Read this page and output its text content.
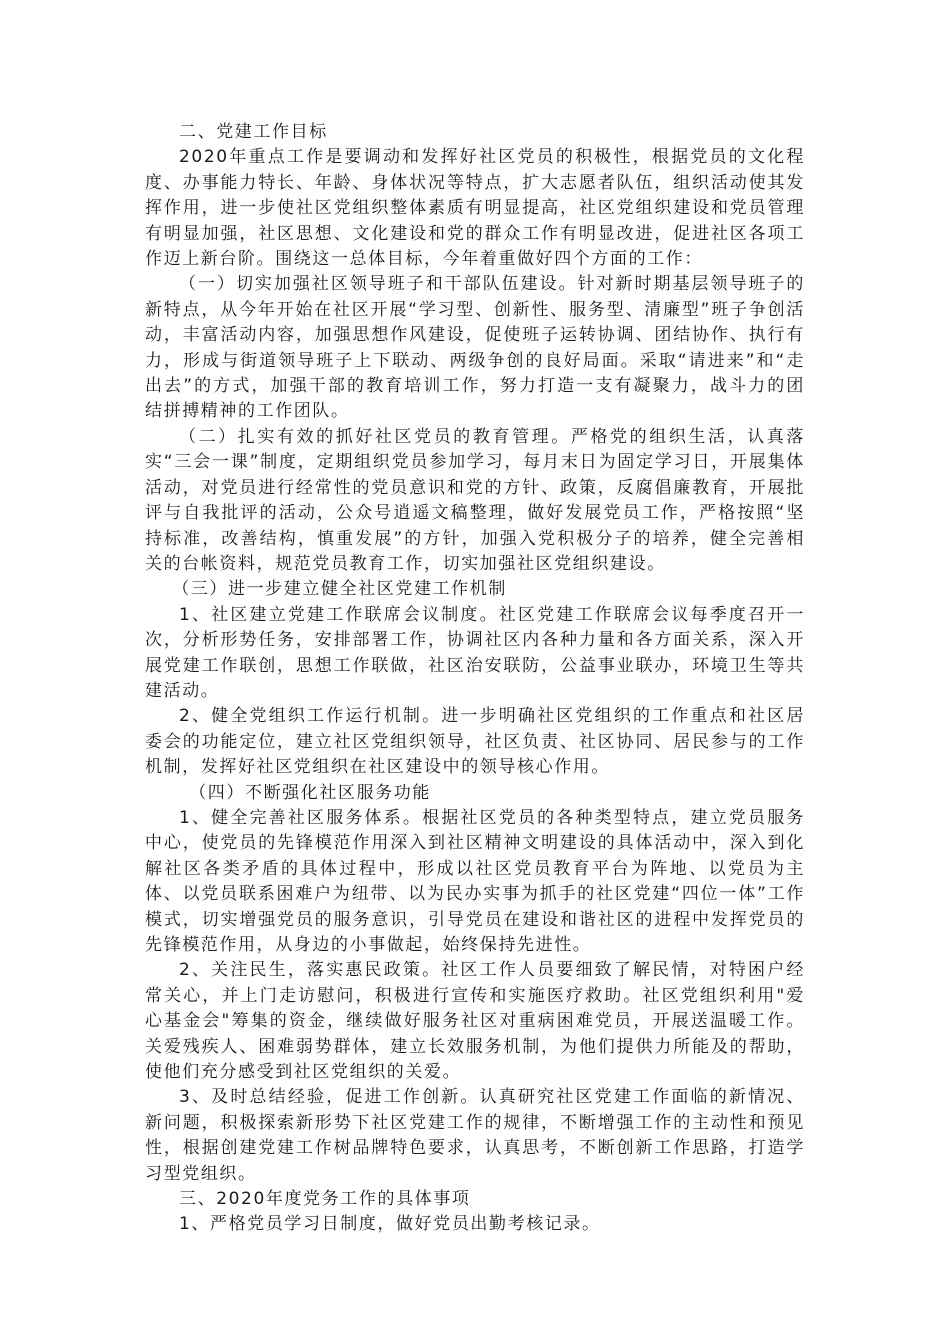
二、党建工作目标

2020年重点工作是要调动和发挥好社区党员的积极性，根据党员的文化程度、办事能力特长、年龄、身体状况等特点，扩大志愿者队伍，组织活动使其发挥作用，进一步使社区党组织整体素质有明显提高，社区党组织建设和党员管理有明显加强，社区思想、文化建设和党的群众工作有明显改进，促进社区各项工作迈上新台阶。围绕这一总体目标，今年着重做好四个方面的工作：

（一）切实加强社区领导班子和干部队伍建设。针对新时期基层领导班子的新特点，从今年开始在社区开展“学习型、创新性、服务型、清廉型”班子争创活动，丰富活动内容，加强思想作风建设，促使班子运转协调、团结协作、执行有力，形成与街道领导班子上下联动、两级争创的良好局面。采取“请进来”和“走出去”的方式，加强干部的教育培训工作，努力打造一支有凝聚力，战斗力的团结拼搏精神的工作团队。

（二）扎实有效的抓好社区党员的教育管理。严格党的组织生活，认真落实“三会一课”制度，定期组织党员参加学习，每月末日为固定学习日，开展集体活动，对党员进行经常性的党员意识和党的方针、政策，反腐倡廉教育，开展批评与自我批评的活动，公众号逍遥文稿整理，做好发展党员工作，严格按照“坚持标准，改善结构，慎重发展”的方针，加强入党积极分子的培养，健全完善相关的台帐资料，规范党员教育工作，切实加强社区党组织建设。

（三）进一步建立健全社区党建工作机制

1、社区建立党建工作联席会议制度。社区党建工作联席会议每季度召开一次，分析形势任务，安排部署工作，协调社区内各种力量和各方面关系，深入开展党建工作联创，思想工作联做，社区治安联防，公益事业联办，环境卫生等共建活动。

2、健全党组织工作运行机制。进一步明确社区党组织的工作重点和社区居委会的功能定位，建立社区党组织领导，社区负责、社区协同、居民参与的工作机制，发挥好社区党组织在社区建设中的领导核心作用。

（四）不断强化社区服务功能

1、健全完善社区服务体系。根据社区党员的各种类型特点，建立党员服务中心，使党员的先锋模范作用深入到社区精神文明建设的具体活动中，深入到化解社区各类矛盾的具体过程中，形成以社区党员教育平台为阵地、以党员为主体、以党员联系困难户为纽带、以为民办实事为抓手的社区党建“四位一体”工作模式，切实增强党员的服务意识，引导党员在建设和谐社区的进程中发挥党员的先锋模范作用，从身边的小事做起，始终保持先进性。

2、关注民生，落实惠民政策。社区工作人员要细致了解民情，对特困户经常关心，并上门走访慰问，积极进行宣传和实施医疗救助。社区党组织利用"爱心基金会"筹集的资金，继续做好服务社区对重病困难党员，开展送温暖工作。关爱残疾人、困难弱势群体，建立长效服务机制，为他们提供力所能及的帮助，使他们充分感受到社区党组织的关爱。

3、及时总结经验，促进工作创新。认真研究社区党建工作面临的新情况、新问题，积极探索新形势下社区党建工作的规律，不断增强工作的主动性和预见性，根据创建党建工作树品牌特色要求，认真思考，不断创新工作思路，打造学习型党组织。

三、2020年度党务工作的具体事项

1、严格党员学习日制度，做好党员出勤考核记录。
